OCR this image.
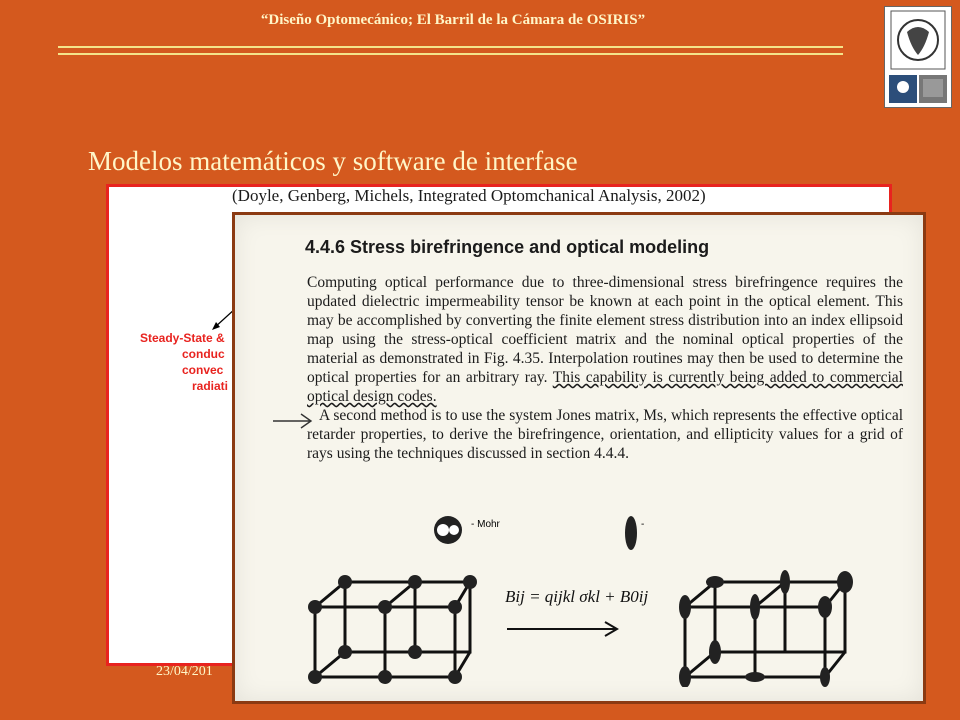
“Diseño Optomecánico; El Barril de la Cámara de OSIRIS”
Modelos matemáticos y software de interfase
(Doyle, Genberg, Michels, Integrated Optomchanical Analysis, 2002)
Steady-State &
conduc
convec
radiati
23/04/201
4.4.6 Stress birefringence and optical modeling

Computing optical performance due to three-dimensional stress birefringence requires the updated dielectric impermeability tensor be known at each point in the optical element. This may be accomplished by converting the finite element stress distribution into an index ellipsoid map using the stress-optical coefficient matrix and the nominal optical properties of the material as demonstrated in Fig. 4.35. Interpolation routines may then be used to determine the optical properties for an arbitrary ray. This capability is currently being added to commercial optical design codes.

A second method is to use the system Jones matrix, Ms, which represents the effective optical retarder properties, to derive the birefringence, orientation, and ellipticity values for a grid of rays using the techniques discussed in section 4.4.4.

- Mohr	-
Bij = qijkl σkl + B0ij
